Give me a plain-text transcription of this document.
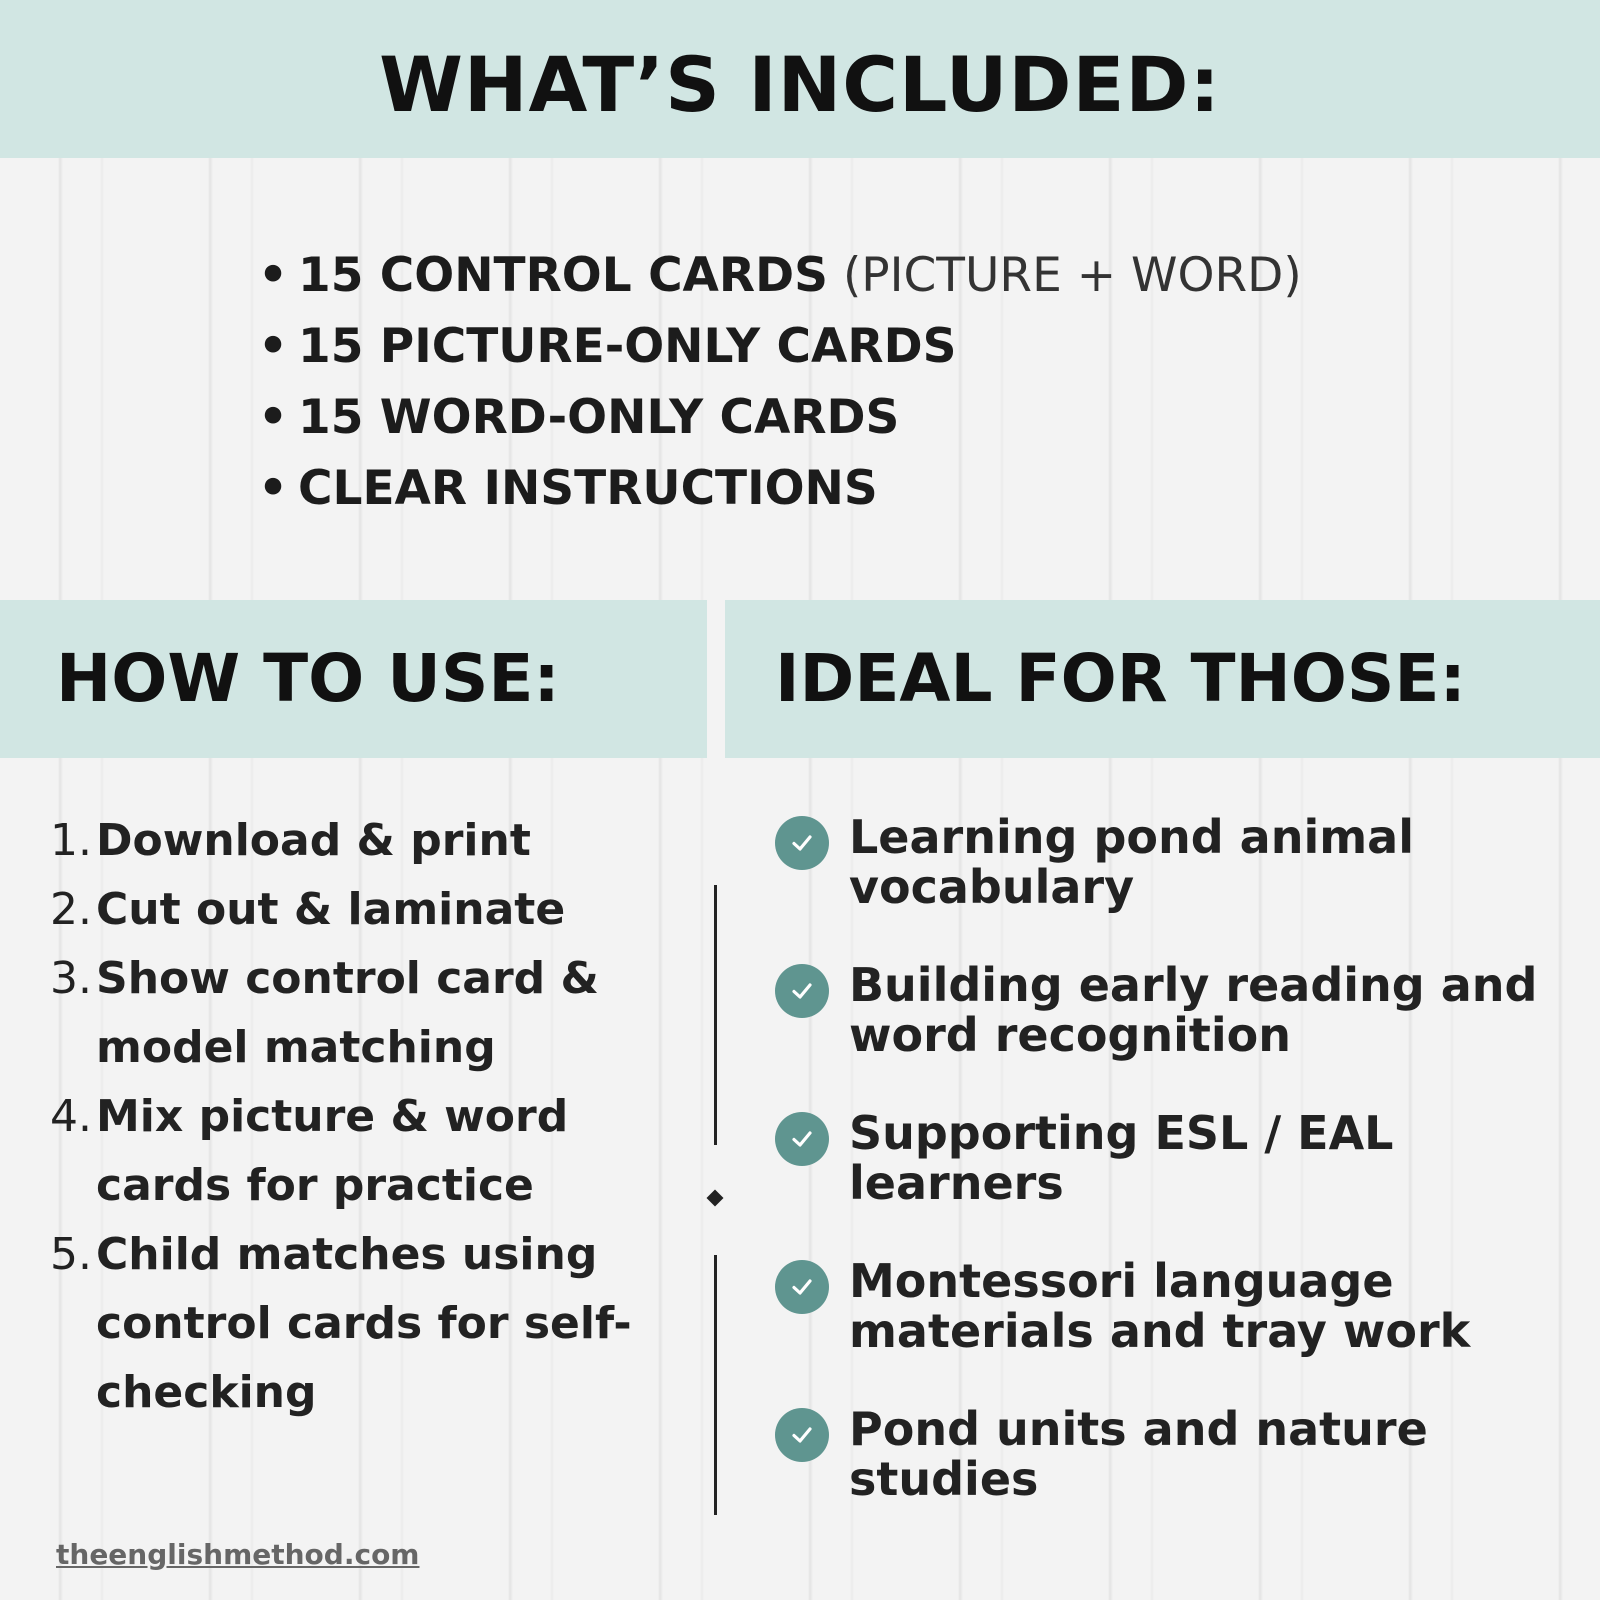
WHAT’S INCLUDED:
• 15 CONTROL CARDS (PICTURE + WORD)
• 15 PICTURE-ONLY CARDS
• 15 WORD-ONLY CARDS
• CLEAR INSTRUCTIONS
HOW TO USE:	IDEAL FOR THOSE:
1. Download & print
2. Cut out & laminate
3. Show control card & model matching
4. Mix picture & word cards for practice
5. Child matches using control cards for self-checking
Learning pond animal vocabulary
Building early reading and word recognition
Supporting ESL / EAL learners
Montessori language materials and tray work
Pond units and nature studies
theenglishmethod.com
